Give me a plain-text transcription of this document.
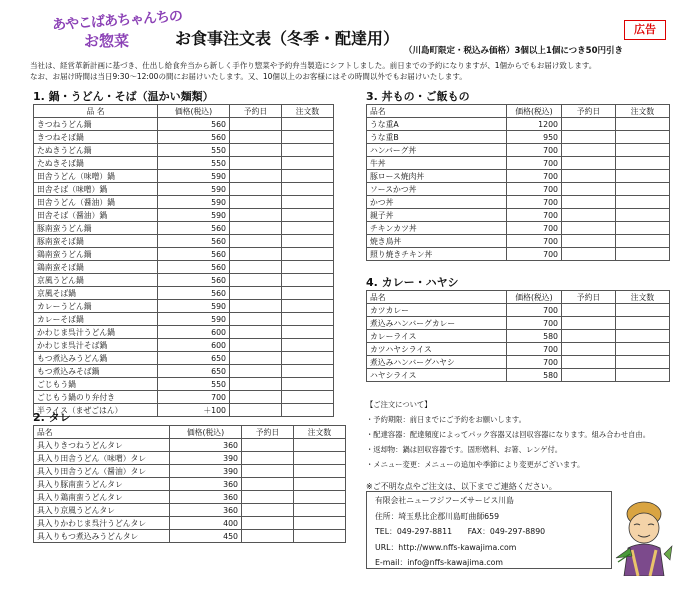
あやこばあちゃんちの
お惣菜	お食事注文表（冬季・配達用）	広告
（川島町限定・税込み価格）3個以上1個につき50円引き

当社は、経営革新計画に基づき、仕出し給食弁当から新しく手作り惣菜や予約弁当製造にシフトしました。前日までの予約になりますが、1個からでもお届け致します。

なお、お届け時間は当日9:30～12:00の間にお届けいたします。又、10個以上のお客様にはその時間以外でもお届けいたします。

1. 鍋・うどん・そば（温かい麺類）
品 名	価格(税込)	予約日	注文数
きつねうどん鍋	560		
きつねそば鍋	560		
たぬきうどん鍋	550		
たぬきそば鍋	550		
田舎うどん（味噌）鍋	590		
田舎そば（味噌）鍋	590		
田舎うどん（醤油）鍋	590		
田舎そば（醤油）鍋	590		
豚南蛮うどん鍋	560		
豚南蛮そば鍋	560		
鶏南蛮うどん鍋	560		
鶏南蛮そば鍋	560		
京風うどん鍋	560		
京風そば鍋	560		
カレーうどん鍋	590		
カレーそば鍋	590		
かわじま呉汁うどん鍋	600		
かわじま呉汁そば鍋	600		
もつ煮込みうどん鍋	650		
もつ煮込みそば鍋	650		
ごじもう鍋	550		
ごじもう鍋のり弁付き	700		
半ライス（まぜごはん）	＋100		
2. タレ
品名	価格(税込)	予約日	注文数
具入りきつねうどんタレ	360		
具入り田舎うどん（味噌）タレ	390		
具入り田舎うどん（醤油）タレ	390		
具入り豚南蛮うどんタレ	360		
具入り鶏南蛮うどんタレ	360		
具入り京風うどんタレ	360		
具入りかわじま呉汁うどんタレ	400		
具入りもつ煮込みうどんタレ	450		
3. 丼もの・ご飯もの
品名	価格(税込)	予約日	注文数
うな重A	1200		
うな重B	950		
ハンバーグ丼	700		
牛丼	700		
豚ロース焼肉丼	700		
ソースかつ丼	700		
かつ丼	700		
親子丼	700		
チキンカツ丼	700		
焼き鳥丼	700		
照り焼きチキン丼	700		
4. カレー・ハヤシ
品名	価格(税込)	予約日	注文数
カツカレー	700		
煮込みハンバーグカレー	700		
カレーライス	580		
カツハヤシライス	700		
煮込みハンバーグハヤシ	700		
ハヤシライス	580		

【ご注文について】

・予約期限：前日までにご予約をお願いします。

・配達容器：配達頻度によってパック容器又は回収容器になります。組み合わせ自由。

・返却物：鍋は回収容器です。固形燃料、お箸、レンゲ付。

・メニュー変更：メニューの追加や季節により変更がございます。

※ご不明な点やご注文は、以下までご連絡ください。

有限会社ニューフジフーズサービス川島

住所：埼玉県比企郡川島町曲師659

TEL：049-297-8811　　FAX：049-297-8890

URL：http://www.nffs-kawajima.com

E-mail：info@nffs-kawajima.com
